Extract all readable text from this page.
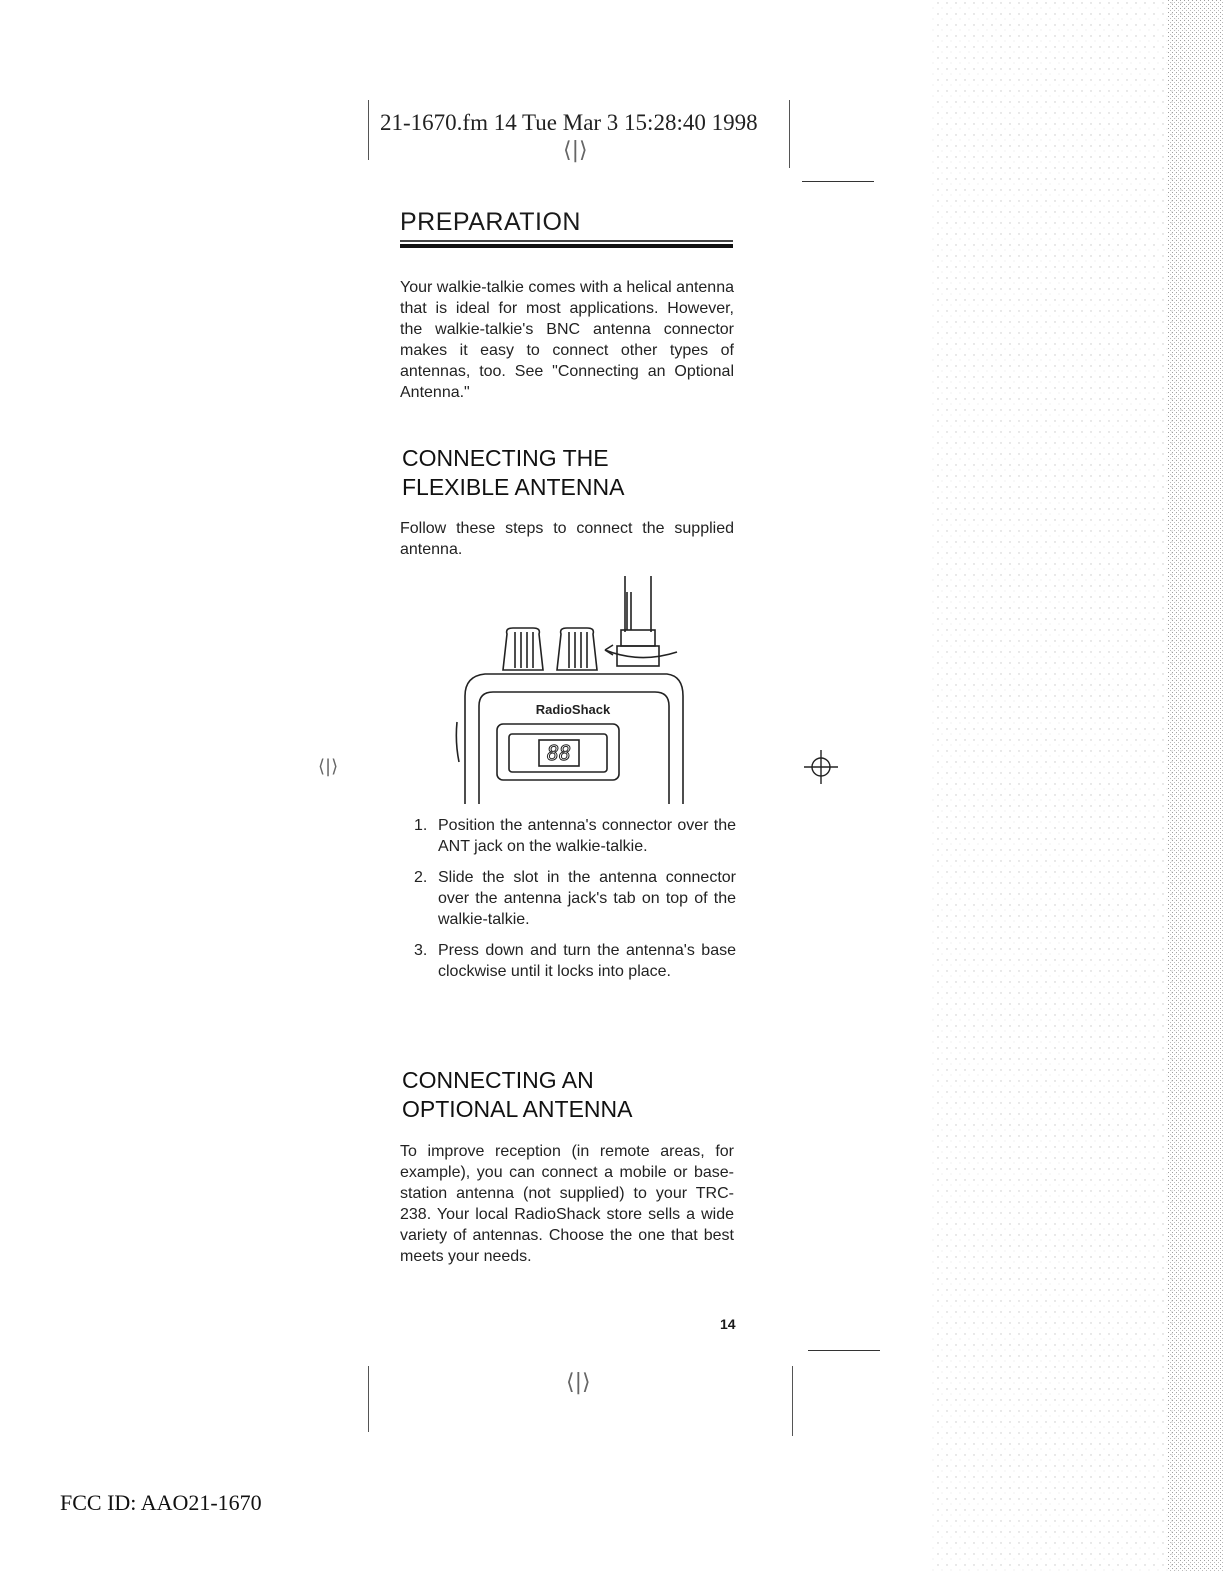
21-1670.fm 14 Tue Mar 3 15:28:40 1998
⟨|⟩
PREPARATION

Your walkie-talkie comes with a helical antenna that is ideal for most applications. However, the walkie-talkie's BNC antenna connector makes it easy to connect other types of antennas, too. See "Connecting an Optional Antenna."

CONNECTING THE
FLEXIBLE ANTENNA

Follow these steps to connect the supplied antenna.

RadioShack
88
1. Position the antenna's connector over the ANT jack on the walkie-talkie.
2. Slide the slot in the antenna connector over the antenna jack's tab on top of the walkie-talkie.
3. Press down and turn the antenna's base clockwise until it locks into place.
⟨|⟩
CONNECTING AN
OPTIONAL ANTENNA

To improve reception (in remote areas, for example), you can connect a mobile or base-station antenna (not supplied) to your TRC-238. Your local RadioShack store sells a wide variety of antennas. Choose the one that best meets your needs.

14
⟨|⟩
FCC ID: AAO21-1670
